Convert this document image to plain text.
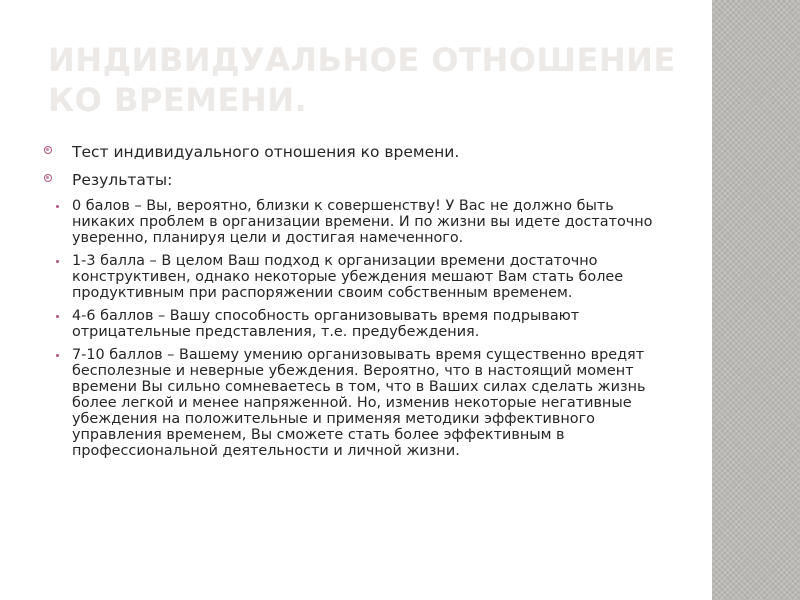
ИНДИВИДУАЛЬНОЕ ОТНОШЕНИЕ
КО ВРЕМЕНИ.
Тест индивидуального отношения ко времени.
Результаты:
0 балов – Вы, вероятно, близки к совершенству! У Вас не должно быть никаких проблем в организации времени. И по жизни вы идете достаточно уверенно, планируя цели и достигая намеченного.
1-3 балла – В целом Ваш подход к организации времени достаточно конструктивен, однако некоторые убеждения мешают Вам стать более продуктивным при распоряжении своим собственным временем.
4-6 баллов – Вашу способность организовывать время подрывают отрицательные представления, т.е. предубеждения.
7-10 баллов – Вашему умению организовывать время существенно вредят бесполезные и неверные убеждения. Вероятно, что в настоящий момент времени Вы сильно сомневаетесь в том, что в Ваших силах сделать жизнь более легкой и менее напряженной. Но, изменив некоторые негативные убеждения на положительные и применяя методики эффективного управления временем, Вы сможете стать более эффективным в профессиональной деятельности и личной жизни.
